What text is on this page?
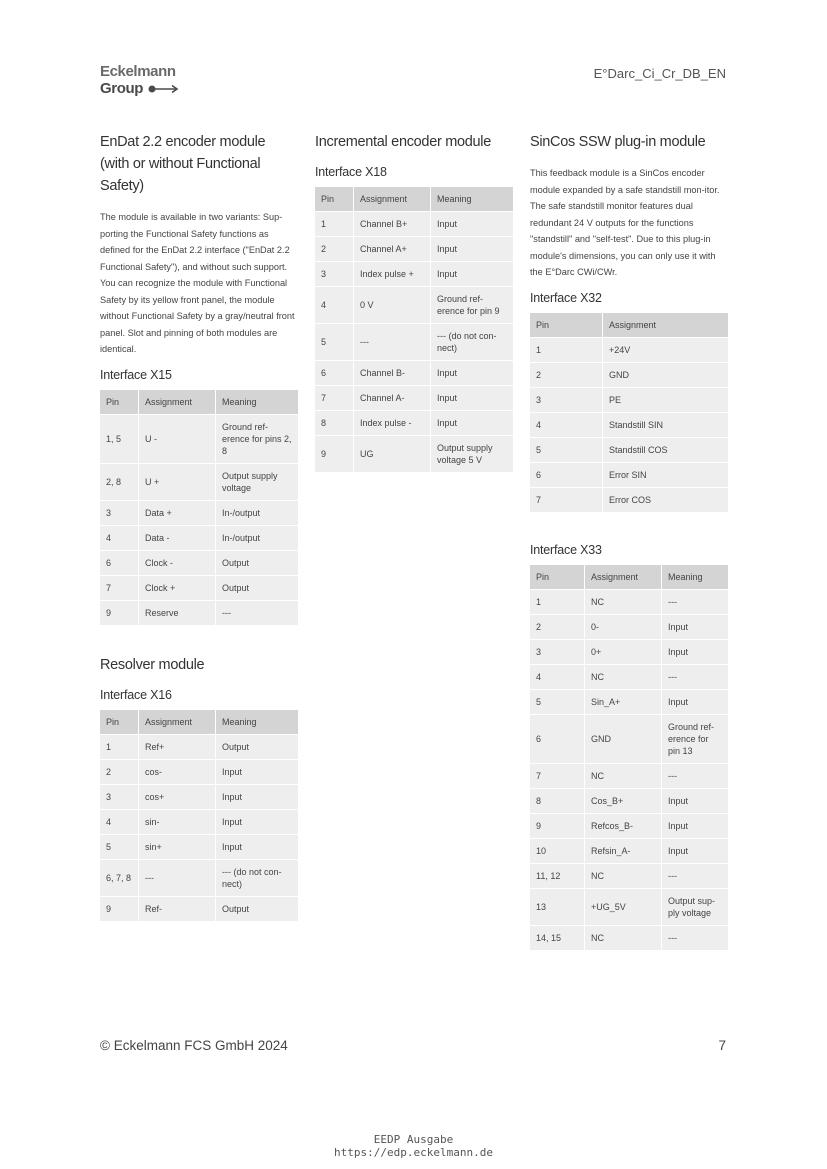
Eckelmann
Group
E°Darc_Ci_Cr_DB_EN
EnDat 2.2 encoder module (with or without Functional Safety)

The module is available in two variants: Sup-porting the Functional Safety functions as defined for the EnDat 2.2 interface ("EnDat 2.2 Functional Safety"), and without such support. You can recognize the module with Functional Safety by its yellow front panel, the module without Functional Safety by a gray/neutral front panel. Slot and pinning of both modules are identical.

Interface X15
Pin	Assignment	Meaning
1, 5	U -	Ground ref-erence for pins 2, 8
2, 8	U +	Output supply voltage
3	Data +	In-/output
4	Data -	In-/output
6	Clock -	Output
7	Clock +	Output
9	Reserve	---
Resolver module
Interface X16
Pin	Assignment	Meaning
1	Ref+	Output
2	cos-	Input
3	cos+	Input
4	sin-	Input
5	sin+	Input
6, 7, 8	---	--- (do not con-nect)
9	Ref-	Output
Incremental encoder module
Interface X18
Pin	Assignment	Meaning
1	Channel B+	Input
2	Channel A+	Input
3	Index pulse +	Input
4	0 V	Ground ref-erence for pin 9
5	---	--- (do not con-nect)
6	Channel B-	Input
7	Channel A-	Input
8	Index pulse -	Input
9	UG	Output supply voltage 5 V
SinCos SSW plug-in module

This feedback module is a SinCos encoder module expanded by a safe standstill mon-itor. The safe standstill monitor features dual redundant 24 V outputs for the functions "standstill" and "self-test". Due to this plug-in module's dimensions, you can only use it with the E°Darc CWi/CWr.

Interface X32
Pin	Assignment
1	+24V
2	GND
3	PE
4	Standstill SIN
5	Standstill COS
6	Error SIN
7	Error COS
Interface X33
Pin	Assignment	Meaning
1	NC	---
2	0-	Input
3	0+	Input
4	NC	---
5	Sin_A+	Input
6	GND	Ground ref-erence for pin 13
7	NC	---
8	Cos_B+	Input
9	Refcos_B-	Input
10	Refsin_A-	Input
11, 12	NC	---
13	+UG_5V	Output sup-ply voltage
14, 15	NC	---
© Eckelmann FCS GmbH 2024	7
EEDP Ausgabe
https://edp.eckelmann.de
